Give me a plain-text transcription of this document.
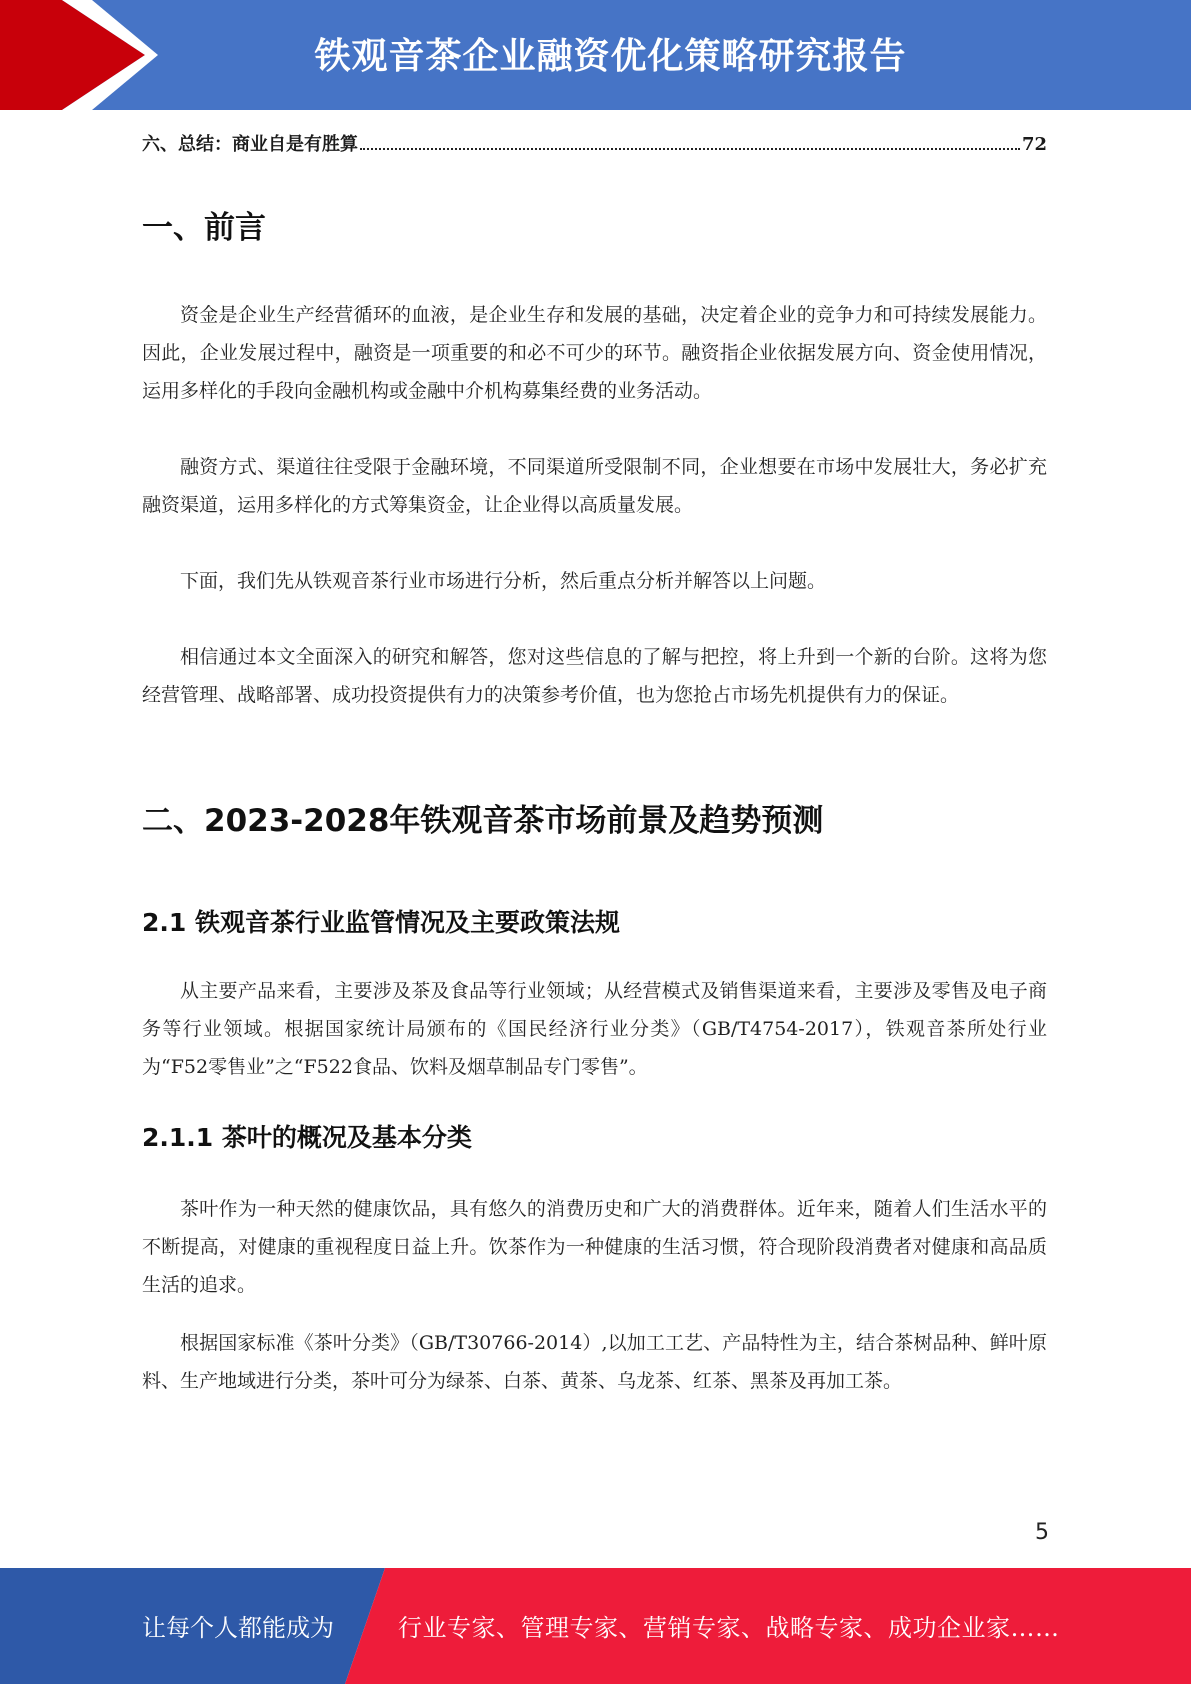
铁观音茶企业融资优化策略研究报告
六、总结：商业自是有胜算	72
一、前言

资金是企业生产经营循环的血液，是企业生存和发展的基础，决定着企业的竞争力和可持续发展能力。因此，企业发展过程中，融资是一项重要的和必不可少的环节。融资指企业依据发展方向、资金使用情况，运用多样化的手段向金融机构或金融中介机构募集经费的业务活动。

融资方式、渠道往往受限于金融环境，不同渠道所受限制不同，企业想要在市场中发展壮大，务必扩充融资渠道，运用多样化的方式筹集资金，让企业得以高质量发展。

下面，我们先从铁观音茶行业市场进行分析，然后重点分析并解答以上问题。

相信通过本文全面深入的研究和解答，您对这些信息的了解与把控，将上升到一个新的台阶。这将为您经营管理、战略部署、成功投资提供有力的决策参考价值，也为您抢占市场先机提供有力的保证。

二、2023-2028年铁观音茶市场前景及趋势预测
2.1 铁观音茶行业监管情况及主要政策法规

从主要产品来看，主要涉及茶及食品等行业领域；从经营模式及销售渠道来看，主要涉及零售及电子商务等行业领域。根据国家统计局颁布的《国民经济行业分类》（GB/T4754-2017），铁观音茶所处行业为“F52零售业”之“F522食品、饮料及烟草制品专门零售”。

2.1.1 茶叶的概况及基本分类

茶叶作为一种天然的健康饮品，具有悠久的消费历史和广大的消费群体。近年来，随着人们生活水平的不断提高，对健康的重视程度日益上升。饮茶作为一种健康的生活习惯，符合现阶段消费者对健康和高品质生活的追求。

根据国家标准《茶叶分类》（GB/T30766-2014）,以加工工艺、产品特性为主，结合茶树品种、鲜叶原料、生产地域进行分类，茶叶可分为绿茶、白茶、黄茶、乌龙茶、红茶、黑茶及再加工茶。

5
让每个人都能成为	行业专家、管理专家、营销专家、战略专家、成功企业家……
